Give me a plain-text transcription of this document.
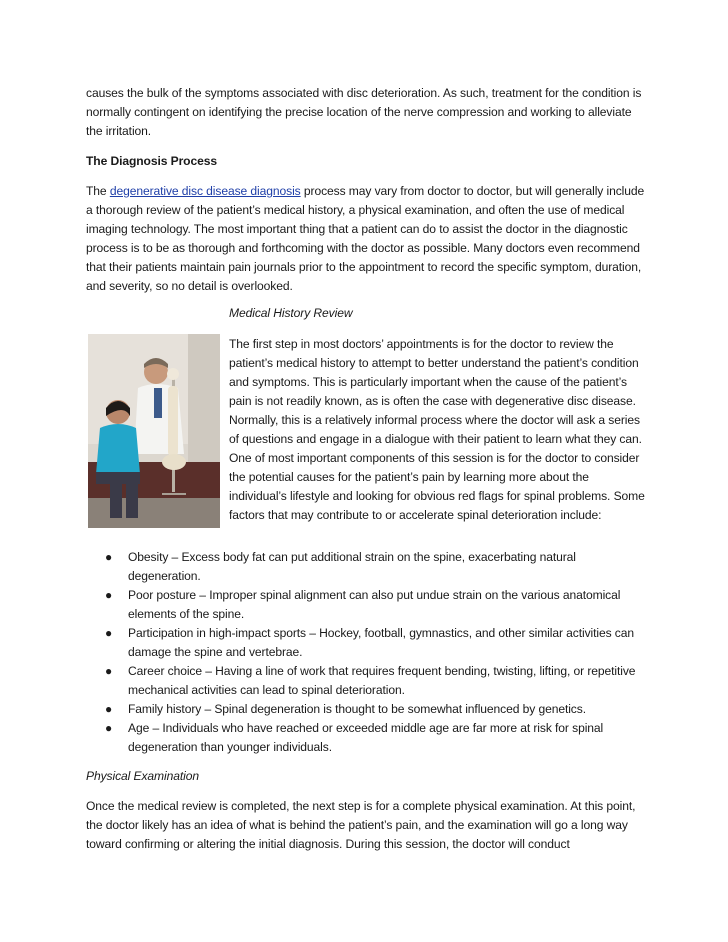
causes the bulk of the symptoms associated with disc deterioration. As such, treatment for the condition is normally contingent on identifying the precise location of the nerve compression and working to alleviate the irritation.

The Diagnosis Process

The degenerative disc disease diagnosis process may vary from doctor to doctor, but will generally include a thorough review of the patient’s medical history, a physical examination, and often the use of medical imaging technology. The most important thing that a patient can do to assist the doctor in the diagnostic process is to be as thorough and forthcoming with the doctor as possible. Many doctors even recommend that their patients maintain pain journals prior to the appointment to record the specific symptom, duration, and severity, so no detail is overlooked.

Medical History Review

The first step in most doctors’ appointments is for the doctor to review the patient’s medical history to attempt to better understand the patient’s condition and symptoms. This is particularly important when the cause of the patient’s pain is not readily known, as is often the case with degenerative disc disease. Normally, this is a relatively informal process where the doctor will ask a series of questions and engage in a dialogue with their patient to learn what they can. One of most important components of this session is for the doctor to consider the potential causes for the patient’s pain by learning more about the individual’s lifestyle and looking for obvious red flags for spinal problems. Some factors that may contribute to or accelerate spinal deterioration include:

● Obesity – Excess body fat can put additional strain on the spine, exacerbating natural degeneration.
● Poor posture – Improper spinal alignment can also put undue strain on the various anatomical elements of the spine.
● Participation in high-impact sports – Hockey, football, gymnastics, and other similar activities can damage the spine and vertebrae.
● Career choice – Having a line of work that requires frequent bending, twisting, lifting, or repetitive mechanical activities can lead to spinal deterioration.
● Family history – Spinal degeneration is thought to be somewhat influenced by genetics.
● Age – Individuals who have reached or exceeded middle age are far more at risk for spinal degeneration than younger individuals.

Physical Examination

Once the medical review is completed, the next step is for a complete physical examination. At this point, the doctor likely has an idea of what is behind the patient’s pain, and the examination will go a long way toward confirming or altering the initial diagnosis. During this session, the doctor will conduct
